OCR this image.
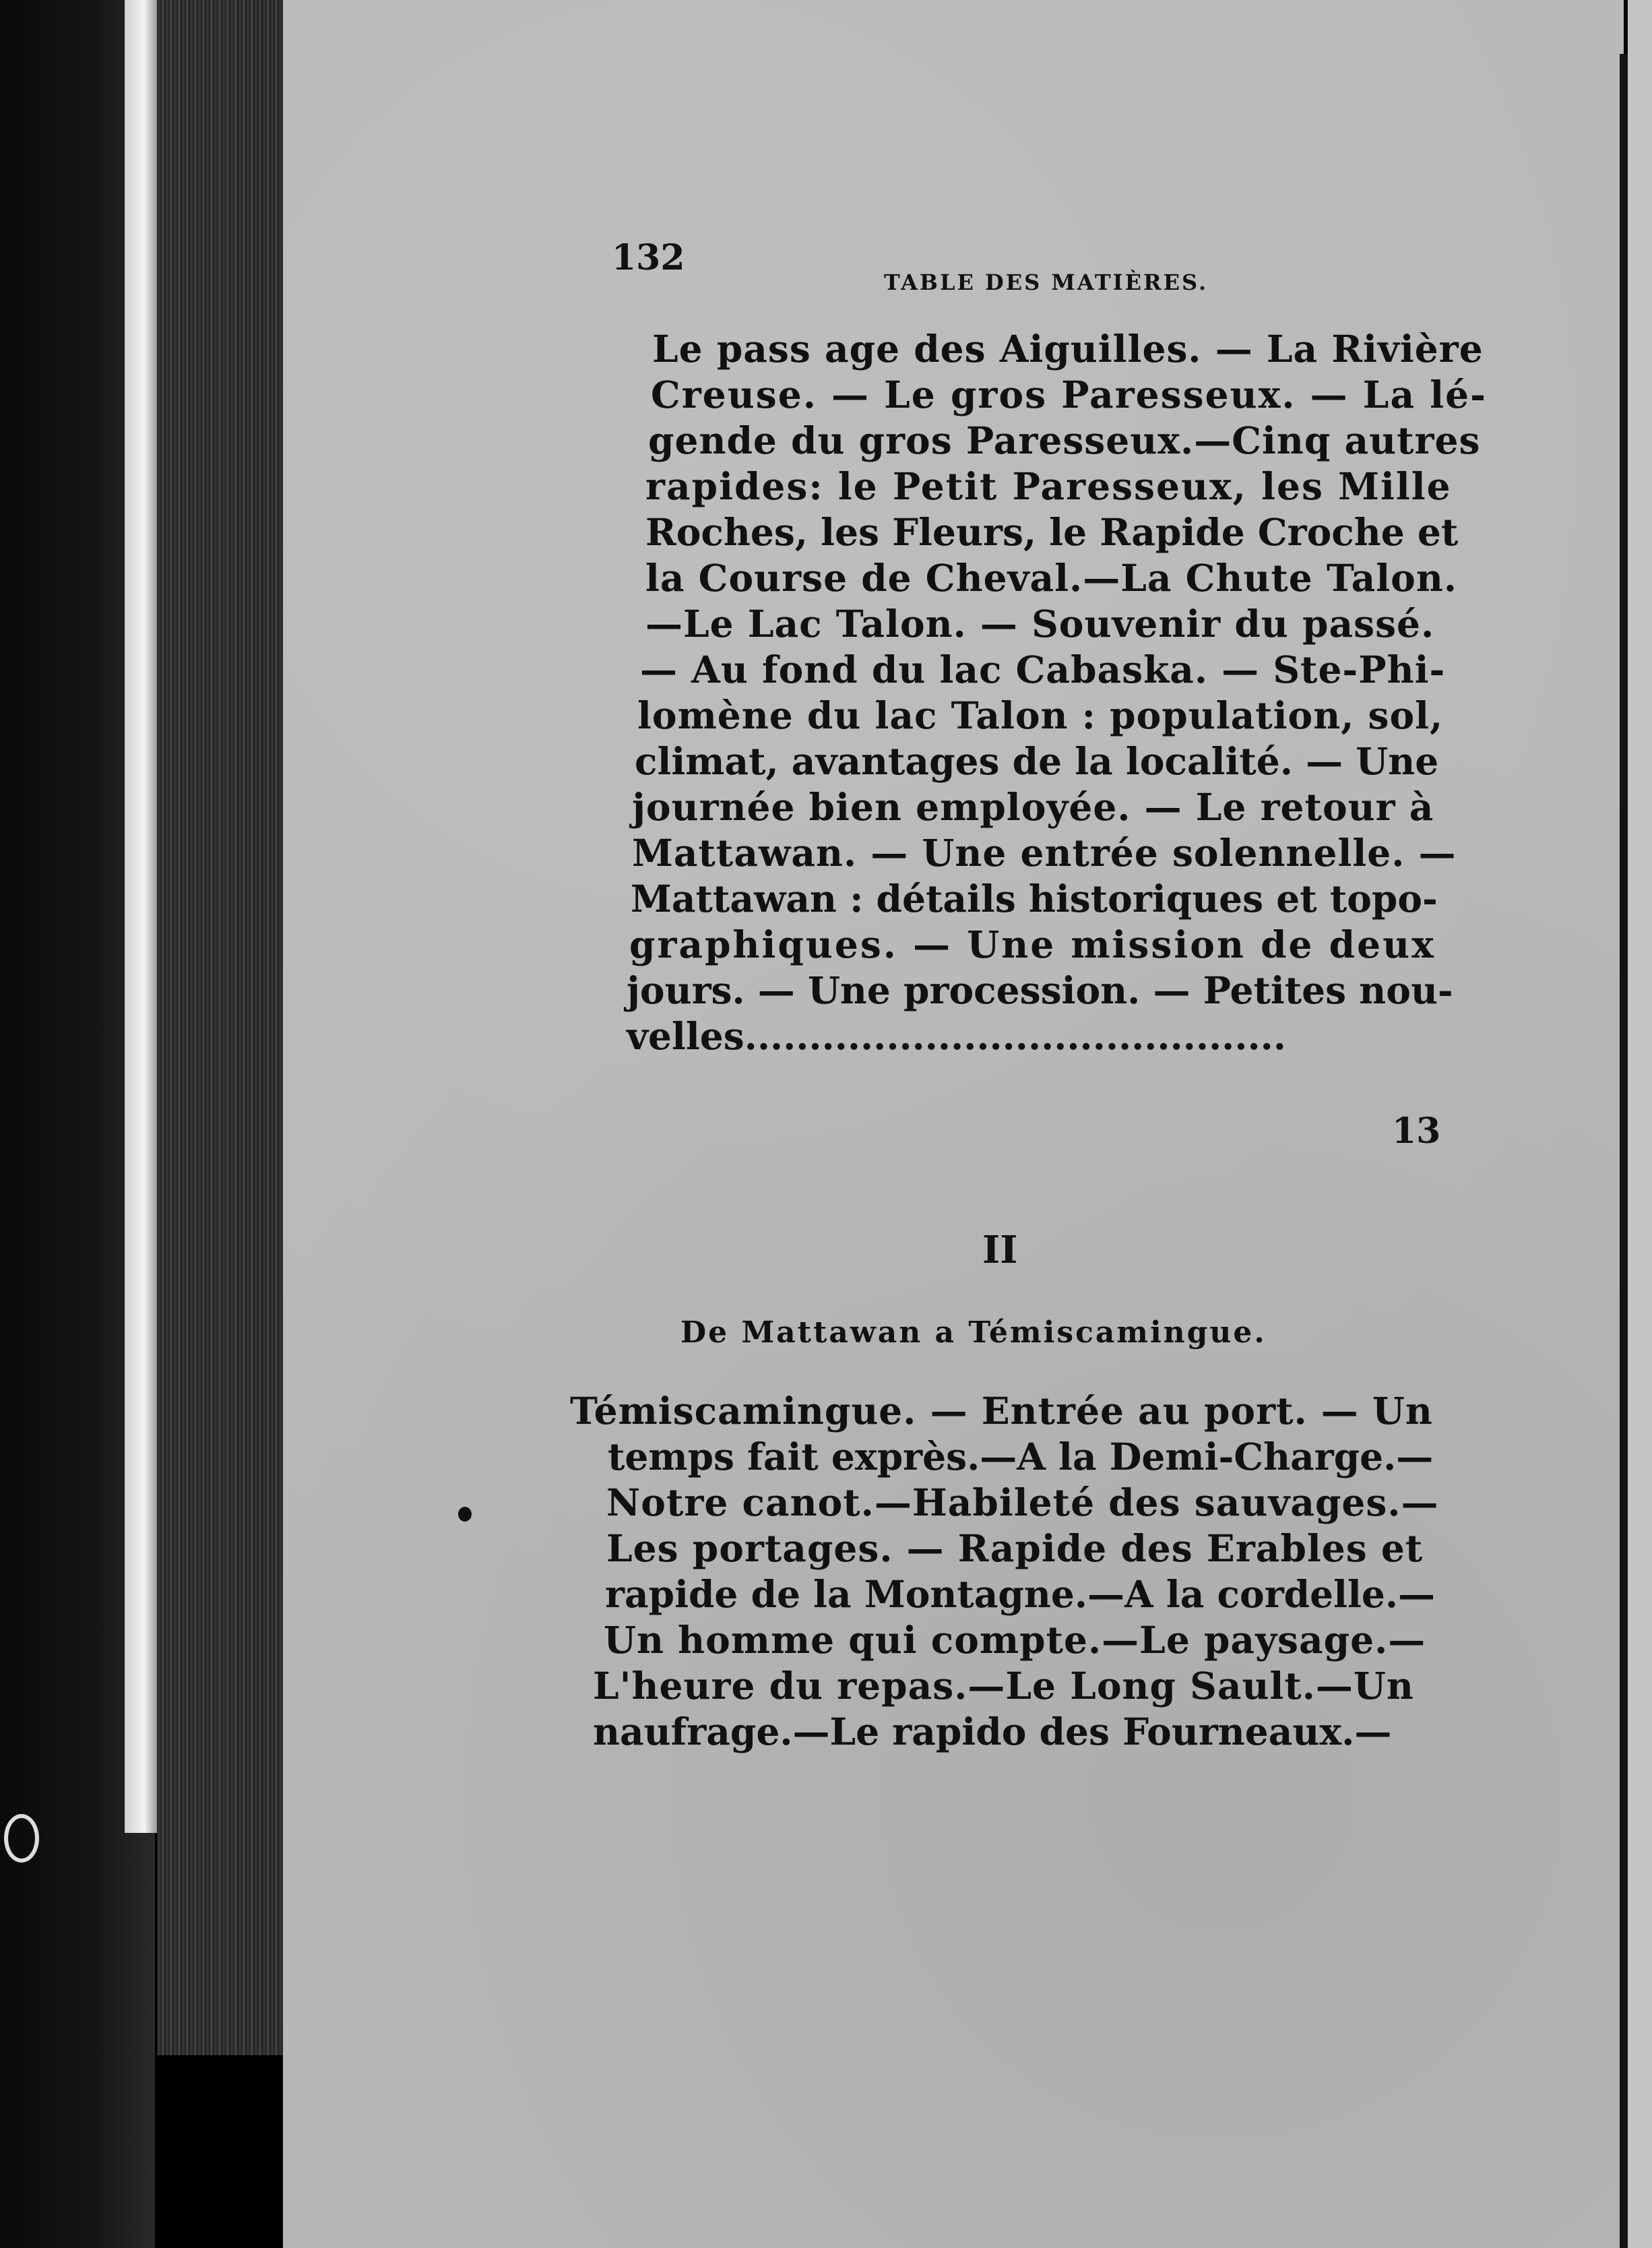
132
TABLE DES MATIÈRES.
Le pass age des Aiguilles. — La Rivière
Creuse. — Le gros Paresseux. — La lé-
gende du gros Paresseux.—Cinq autres
rapides: le Petit Paresseux, les Mille
Roches, les Fleurs, le Rapide Croche et
la Course de Cheval.—La Chute Talon.
—Le Lac Talon. — Souvenir du passé.
— Au fond du lac Cabaska. — Ste-Phi-
lomène du lac Talon : population, sol,
climat, avantages de la localité. — Une
journée bien employée. — Le retour à
Mattawan. — Une entrée solennelle. —
Mattawan : détails historiques et topo-
graphiques. — Une mission de deux
jours. — Une procession. — Petites nou-
velles..........................................
13
II
De Mattawan a Témiscamingue.
Témiscamingue. — Entrée au port. — Un
temps fait exprès.—A la Demi-Charge.—
Notre canot.—Habileté des sauvages.—
Les portages. — Rapide des Erables et
rapide de la Montagne.—A la cordelle.—
Un homme qui compte.—Le paysage.—
L'heure du repas.—Le Long Sault.—Un
naufrage.—Le rapido des Fourneaux.—
